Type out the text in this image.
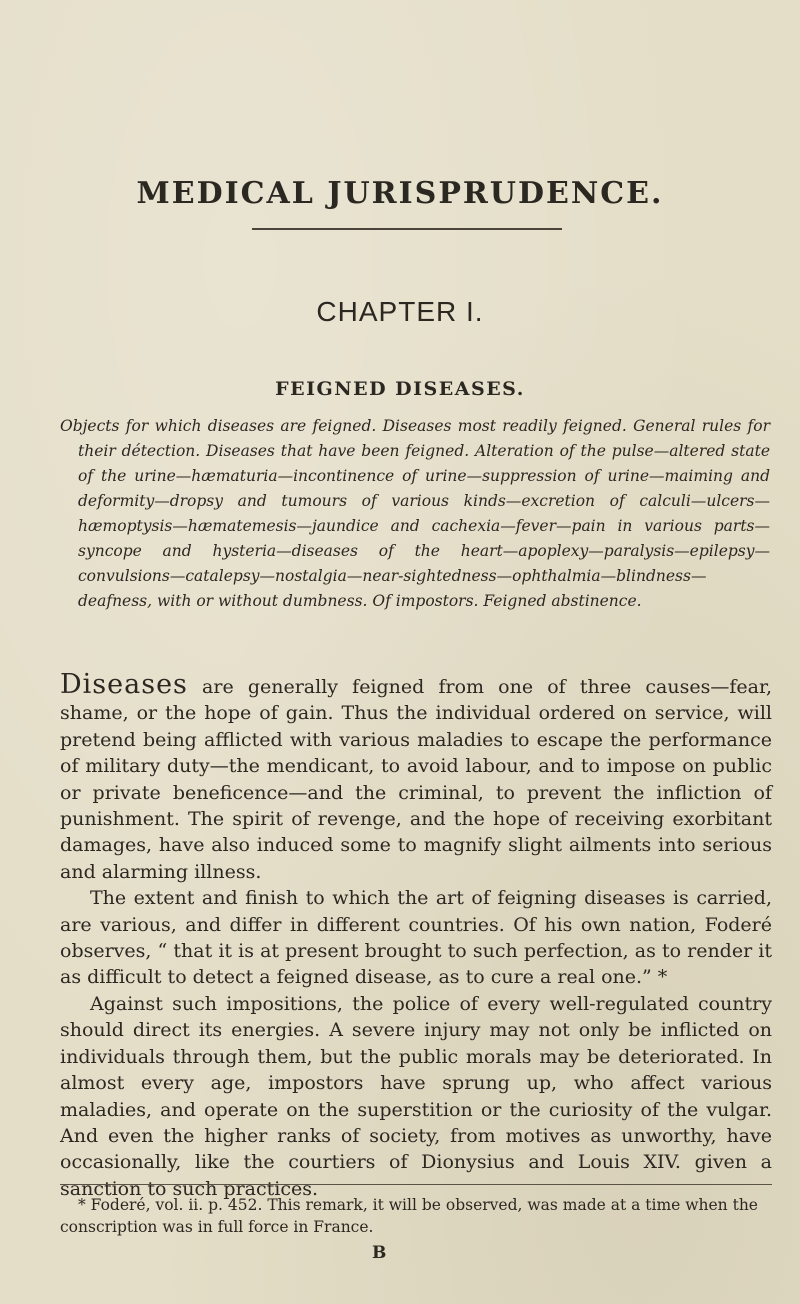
MEDICAL JURISPRUDENCE.
CHAPTER I.
FEIGNED DISEASES.

Objects for which diseases are feigned. Diseases most readily feigned. General rules for their détection. Diseases that have been feigned. Alteration of the pulse—altered state of the urine—hæmaturia—incontinence of urine—suppression of urine—maiming and deformity—dropsy and tumours of various kinds—excretion of calculi—ulcers—hæmoptysis—hæmatemesis—jaundice and cachexia—fever—pain in various parts—syncope and hysteria—diseases of the heart—apoplexy—paralysis—epilepsy—convulsions—catalepsy—nostalgia—near-sightedness—ophthalmia—blindness—deafness, with or without dumbness. Of impostors. Feigned abstinence.

Diseases are generally feigned from one of three causes—fear, shame, or the hope of gain. Thus the individual ordered on service, will pretend being afflicted with various maladies to escape the performance of military duty—the mendicant, to avoid labour, and to impose on public or private beneficence—and the criminal, to prevent the infliction of punishment. The spirit of revenge, and the hope of receiving exorbitant damages, have also induced some to magnify slight ailments into serious and alarming illness.

The extent and finish to which the art of feigning diseases is carried, are various, and differ in different countries. Of his own nation, Foderé observes, “ that it is at present brought to such perfection, as to render it as difficult to detect a feigned disease, as to cure a real one.” *

Against such impositions, the police of every well-regulated country should direct its energies. A severe injury may not only be inflicted on individuals through them, but the public morals may be deteriorated. In almost every age, impostors have sprung up, who affect various maladies, and operate on the superstition or the curiosity of the vulgar. And even the higher ranks of society, from motives as unworthy, have occasionally, like the courtiers of Dionysius and Louis XIV. given a sanction to such practices.

* Foderé, vol. ii. p. 452. This remark, it will be observed, was made at a time when the conscription was in full force in France.
B
